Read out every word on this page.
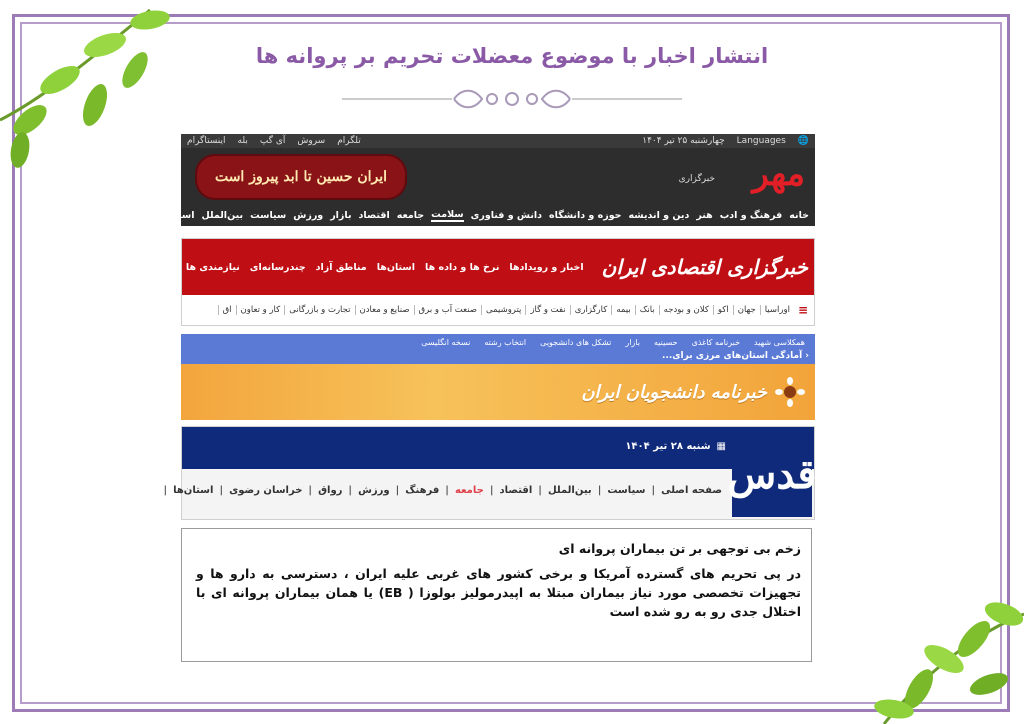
انتشار اخبار با موضوع معضلات تحریم بر پروانه ها
🌐
Languages
چهارشنبه ۲۵ تیر ۱۴۰۴
تلگرام
سروش
آی گپ
بله
اینستاگرام
مهر
خبرگزاری
ایران حسین تا ابد پیروز است
خانه
فرهنگ و ادب
هنر
دین و اندیشه
حوزه و دانشگاه
دانش و فناوری
سلامت
جامعه
اقتصاد
بازار
ورزش
سیاست
بین‌الملل
استان‌ها
خبرگزاری اقتصادی ایران
اخبار و رویدادها
نرخ ها و داده ها
استان‌ها
مناطق آزاد
چندرسانه‌ای
نیازمندی ها
≡
اوراسیا
جهان
اکو
کلان و بودجه
بانک
بیمه
کارگزاری
نفت و گاز
پتروشیمی
صنعت آب و برق
صنایع و معادن
تجارت و بازرگانی
کار و تعاون
اق
همکلاسی شهید
خبرنامه کاغذی
حسینیه
بازار
تشکل های دانشجویی
انتخاب رشته
نسخه انگلیسی
‹ آمادگی استان‌های مرزی برای...
خبرنامه دانشجویان ایران
▦
شنبه ۲۸ تیر ۱۴۰۴
قدس
صفحه اصلی
|
سیاست
|
بین‌الملل
|
اقتصاد
|
جامعه
|
فرهنگ
|
ورزش
|
رواق
|
خراسان رضوی
|
استان‌ها
|
زخم بی توجهی بر تن بیماران پروانه ای
در پی تحریم های گسترده آمریکا و برخی کشور های غربی علیه ایران ، دسترسی به دارو ها و تجهیزات تخصصی مورد نیاز بیماران مبتلا به اپیدرمولیز بولوزا ( EB) یا همان بیماران پروانه ای با اختلال جدی رو به رو شده است
